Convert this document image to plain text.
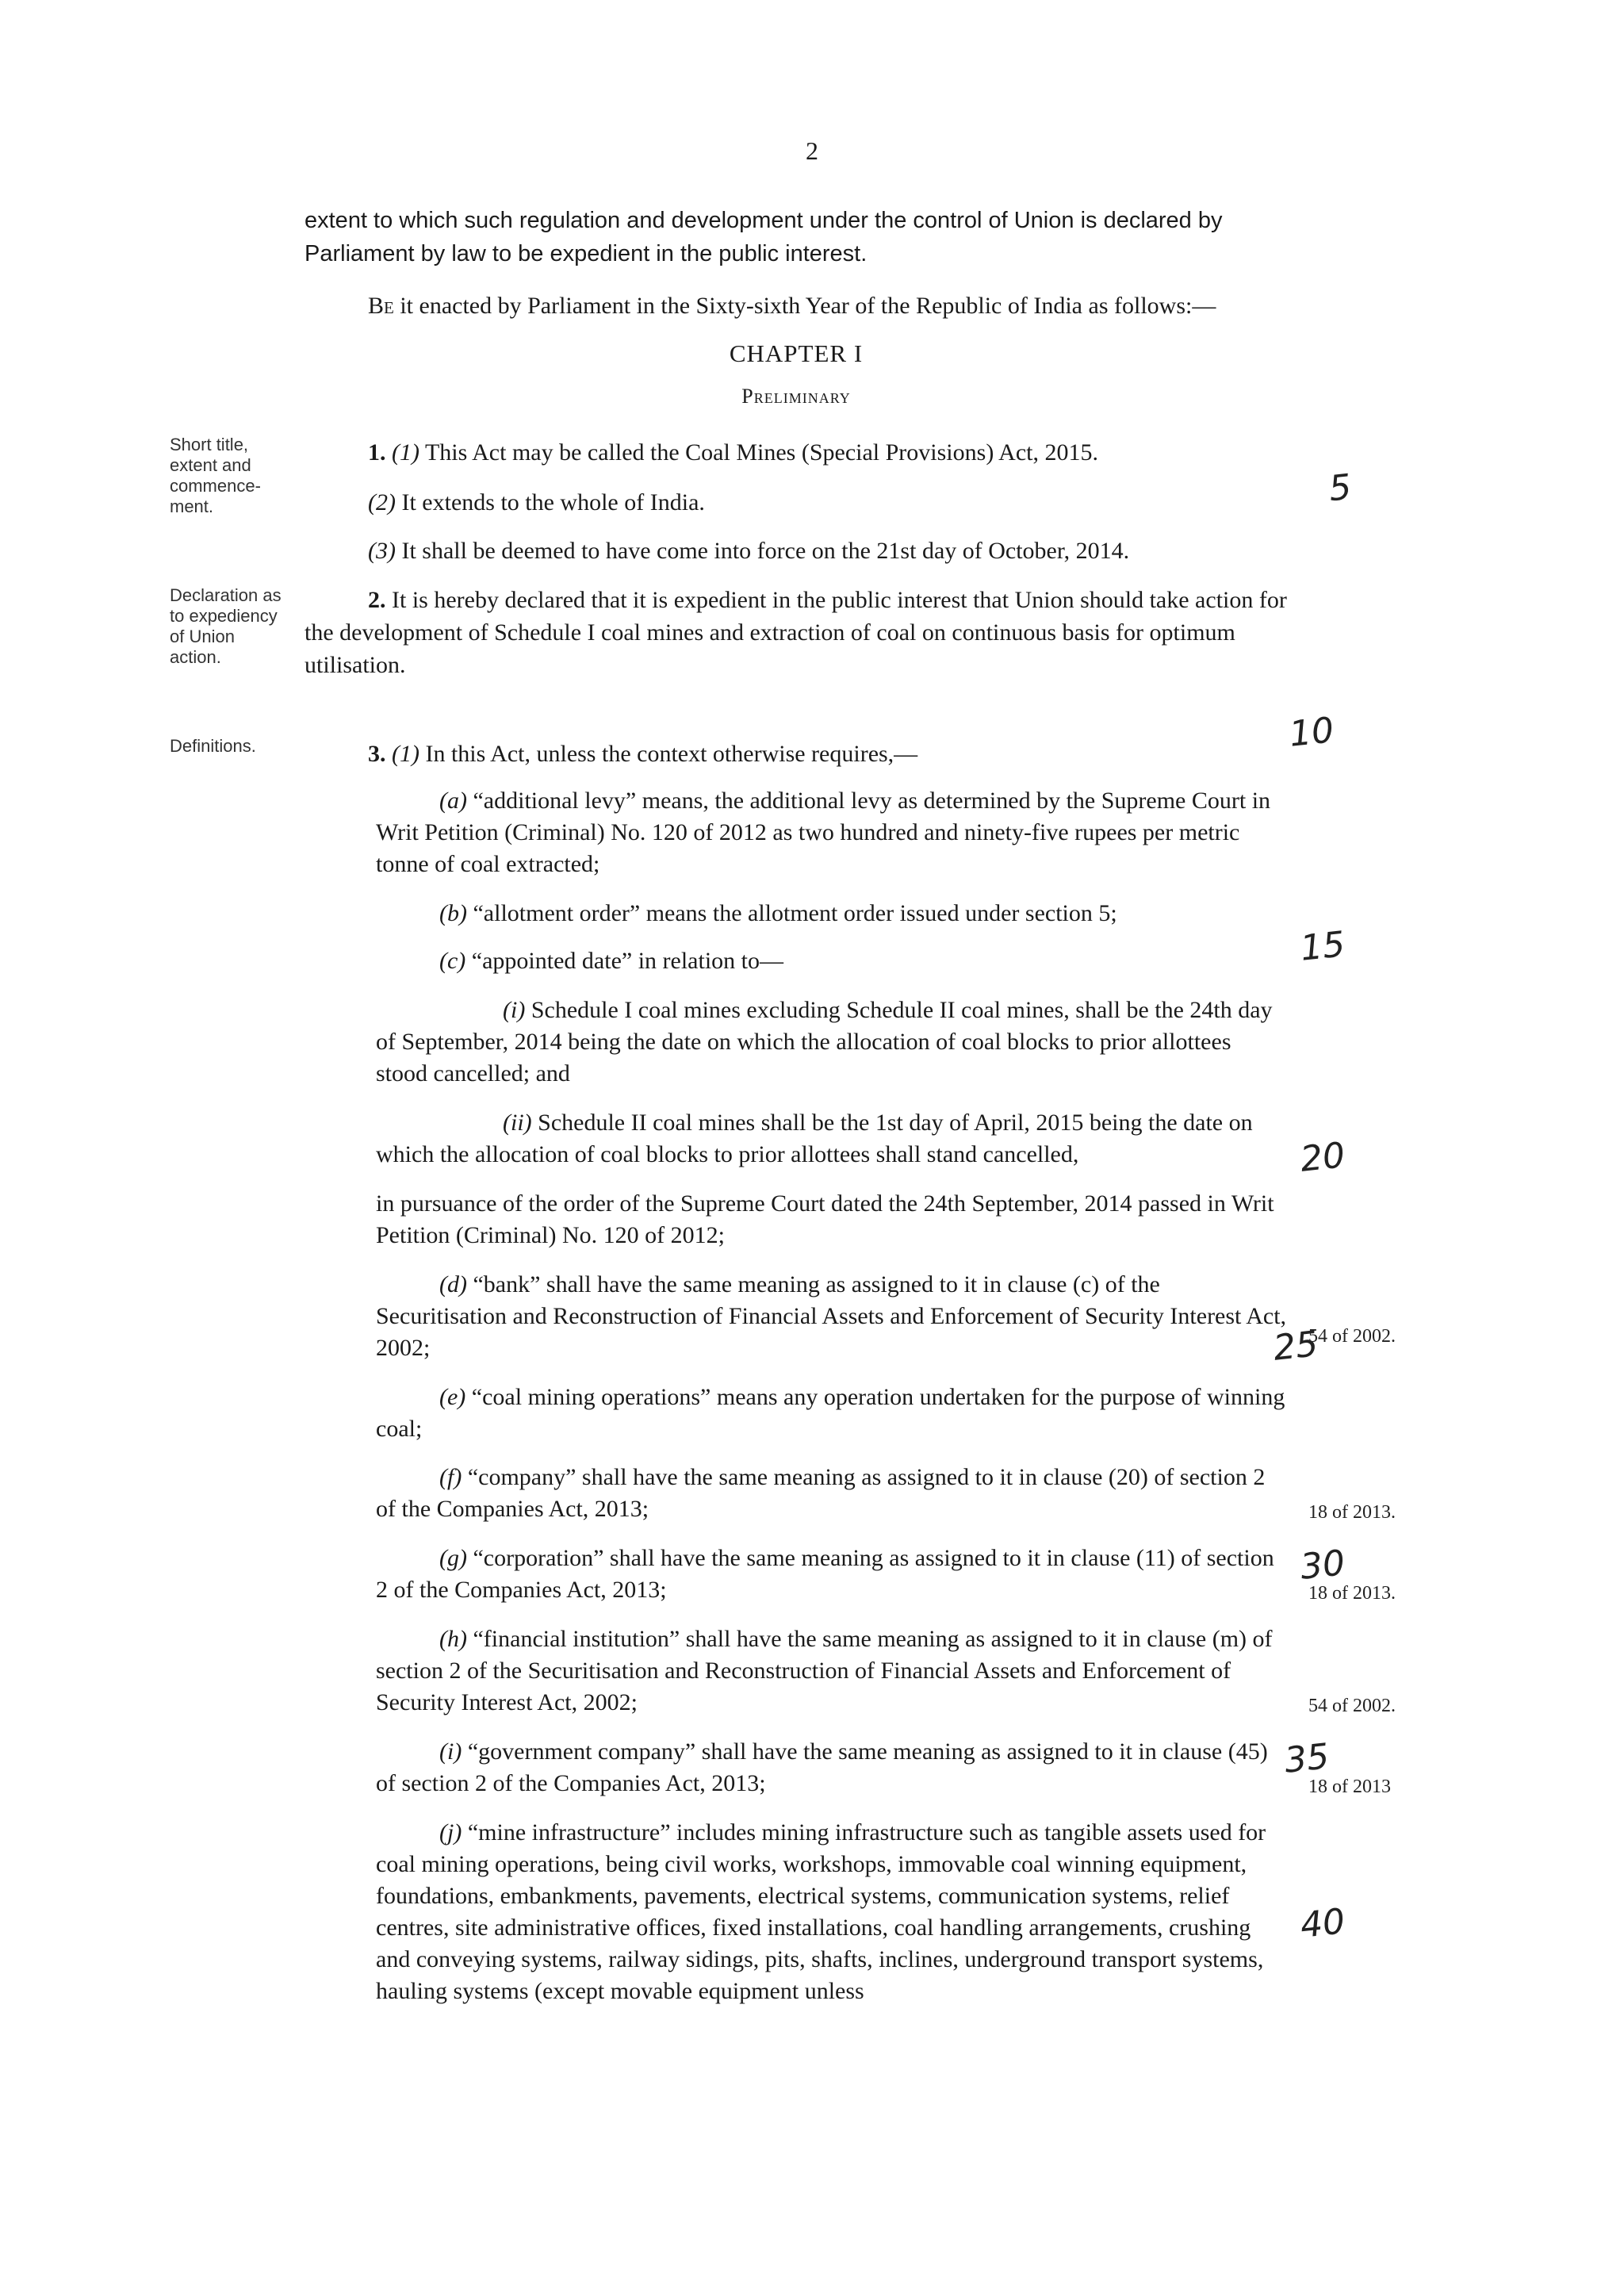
2
extent to which such regulation and development under the control of Union is declared by Parliament by law to be expedient in the public interest.
Be it enacted by Parliament in the Sixty-sixth Year of the Republic of India as follows:—
CHAPTER I
Preliminary
Short title, extent and commence-ment.
Declaration as to expediency of Union action.
Definitions.
1. (1) This Act may be called the Coal Mines (Special Provisions) Act, 2015.
(2) It extends to the whole of India.
(3) It shall be deemed to have come into force on the 21st day of October, 2014.
2. It is hereby declared that it is expedient in the public interest that Union should take action for the development of Schedule I coal mines and extraction of coal on continuous basis for optimum utilisation.
3. (1) In this Act, unless the context otherwise requires,—
(a) “additional levy” means, the additional levy as determined by the Supreme Court in Writ Petition (Criminal) No. 120 of 2012 as two hundred and ninety-five rupees per metric tonne of coal extracted;
(b) “allotment order” means the allotment order issued under section 5;
(c) “appointed date” in relation to—
(i) Schedule I coal mines excluding Schedule II coal mines, shall be the 24th day of September, 2014 being the date on which the allocation of coal blocks to prior allottees stood cancelled; and
(ii) Schedule II coal mines shall be the 1st day of April, 2015 being the date on which the allocation of coal blocks to prior allottees shall stand cancelled,
in pursuance of the order of the Supreme Court dated the 24th September, 2014 passed in Writ Petition (Criminal) No. 120 of 2012;
(d) “bank” shall have the same meaning as assigned to it in clause (c) of the Securitisation and Reconstruction of Financial Assets and Enforcement of Security Interest Act, 2002;
(e) “coal mining operations” means any operation undertaken for the purpose of winning coal;
(f) “company” shall have the same meaning as assigned to it in clause (20) of section 2 of the Companies Act, 2013;
(g) “corporation” shall have the same meaning as assigned to it in clause (11) of section 2 of the Companies Act, 2013;
(h) “financial institution” shall have the same meaning as assigned to it in clause (m) of section 2 of the Securitisation and Reconstruction of Financial Assets and Enforcement of Security Interest Act, 2002;
(i) “government company” shall have the same meaning as assigned to it in clause (45) of section 2 of the Companies Act, 2013;
(j) “mine infrastructure” includes mining infrastructure such as tangible assets used for coal mining operations, being civil works, workshops, immovable coal winning equipment, foundations, embankments, pavements, electrical systems, communication systems, relief centres, site administrative offices, fixed installations, coal handling arrangements, crushing and conveying systems, railway sidings, pits, shafts, inclines, underground transport systems, hauling systems (except movable equipment unless
54 of 2002.
18 of 2013.
18 of 2013.
54 of 2002.
18 of 2013
5
10
15
20
25
30
35
40
